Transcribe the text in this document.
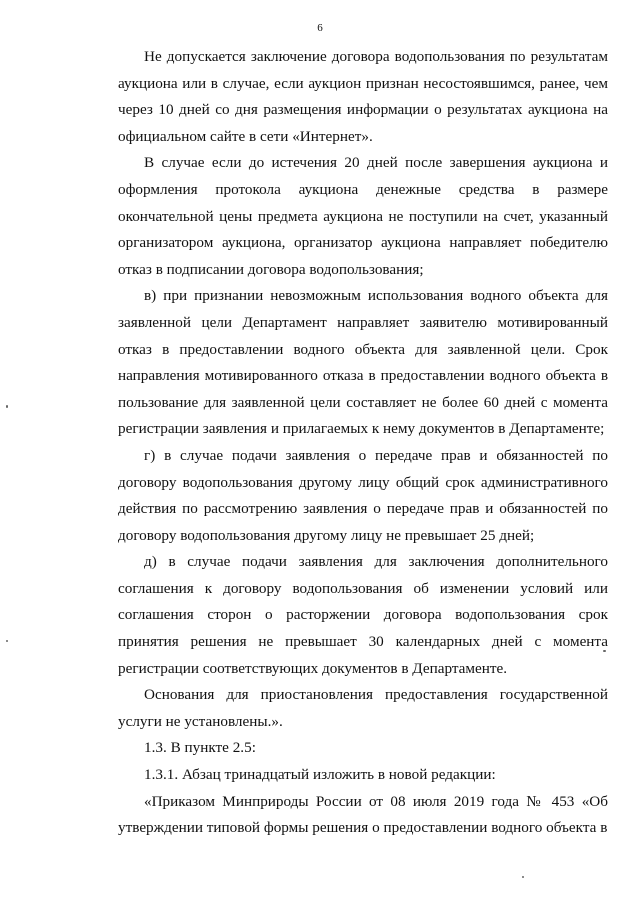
6

Не допускается заключение договора водопользования по результатам аукциона или в случае, если аукцион признан несостоявшимся, ранее, чем через 10 дней со дня размещения информации о результатах аукциона на официальном сайте в сети «Интернет».

В случае если до истечения 20 дней после завершения аукциона и оформления протокола аукциона денежные средства в размере окончательной цены предмета аукциона не поступили на счет, указанный организатором аукциона, организатор аукциона направляет победителю отказ в подписании договора водопользования;

в) при признании невозможным использования водного объекта для заявленной цели Департамент направляет заявителю мотивированный отказ в предоставлении водного объекта для заявленной цели. Срок направления мотивированного отказа в предоставлении водного объекта в пользование для заявленной цели составляет не более 60 дней с момента регистрации заявления и прилагаемых к нему документов в Департаменте;

г) в случае подачи заявления о передаче прав и обязанностей по договору водопользования другому лицу общий срок административного действия по рассмотрению заявления о передаче прав и обязанностей по договору водопользования другому лицу не превышает 25 дней;

д) в случае подачи заявления для заключения дополнительного соглашения к договору водопользования об изменении условий или соглашения сторон о расторжении договора водопользования срок принятия решения не превышает 30 календарных дней с момента регистрации соответствующих документов в Департаменте.

Основания для приостановления предоставления государственной услуги не установлены.».

1.3. В пункте 2.5:

1.3.1. Абзац тринадцатый изложить в новой редакции:

«Приказом Минприроды России от 08 июля 2019 года № 453 «Об утверждении типовой формы решения о предоставлении водного объекта в
